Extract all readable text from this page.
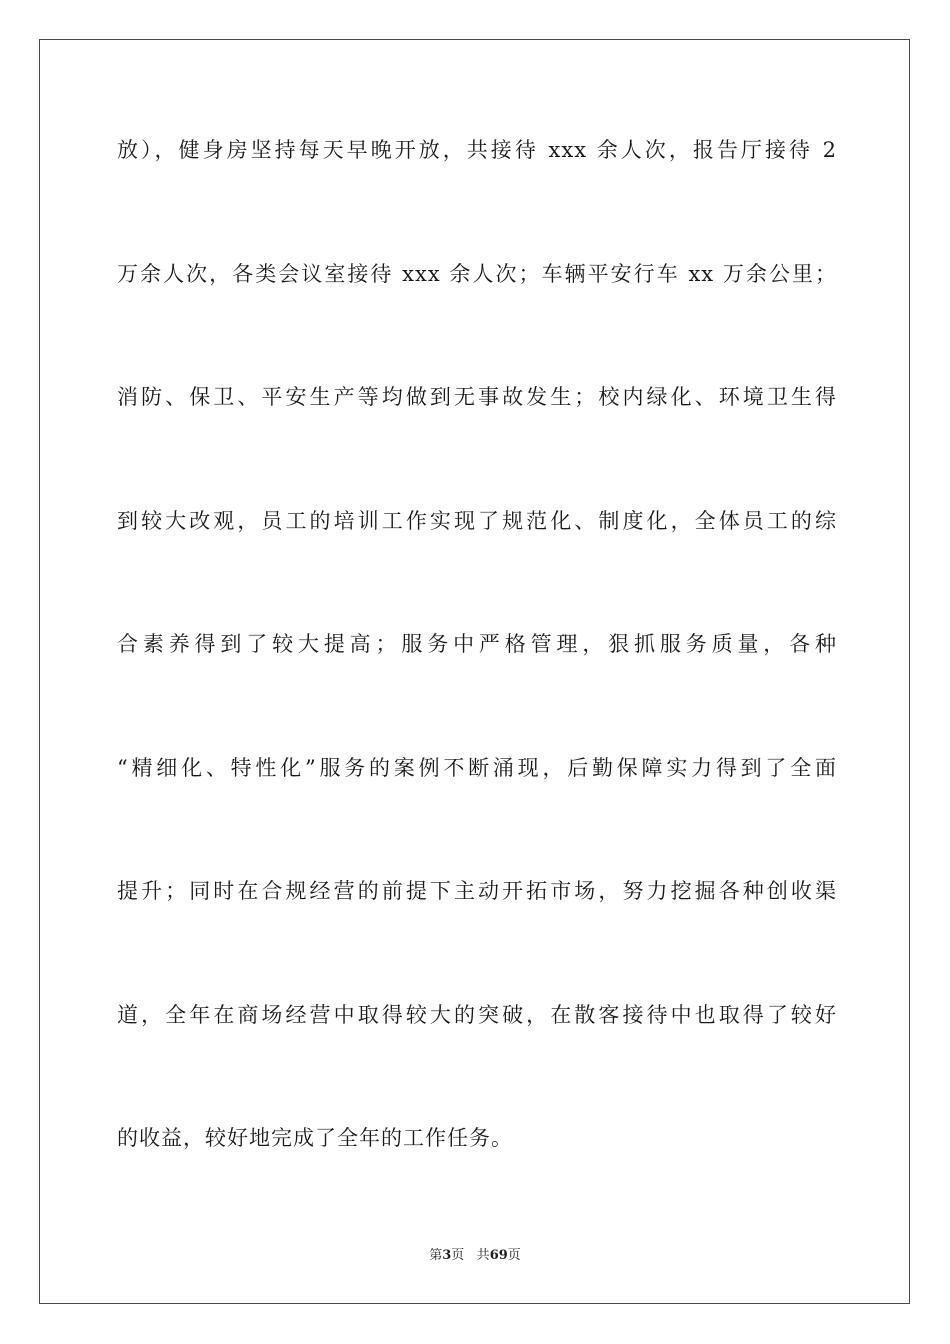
放），健身房坚持每天早晚开放，共接待 xxx 余人次，报告厅接待 2
万余人次，各类会议室接待 xxx 余人次；车辆平安行车 xx 万余公里；
消防、保卫、平安生产等均做到无事故发生；校内绿化、环境卫生得
到较大改观，员工的培训工作实现了规范化、制度化，全体员工的综
合素养得到了较大提高；服务中严格管理，狠抓服务质量，各种
“精细化、特性化”服务的案例不断涌现，后勤保障实力得到了全面
提升；同时在合规经营的前提下主动开拓市场，努力挖掘各种创收渠
道，全年在商场经营中取得较大的突破，在散客接待中也取得了较好
的收益，较好地完成了全年的工作任务。
第3页 共69页
